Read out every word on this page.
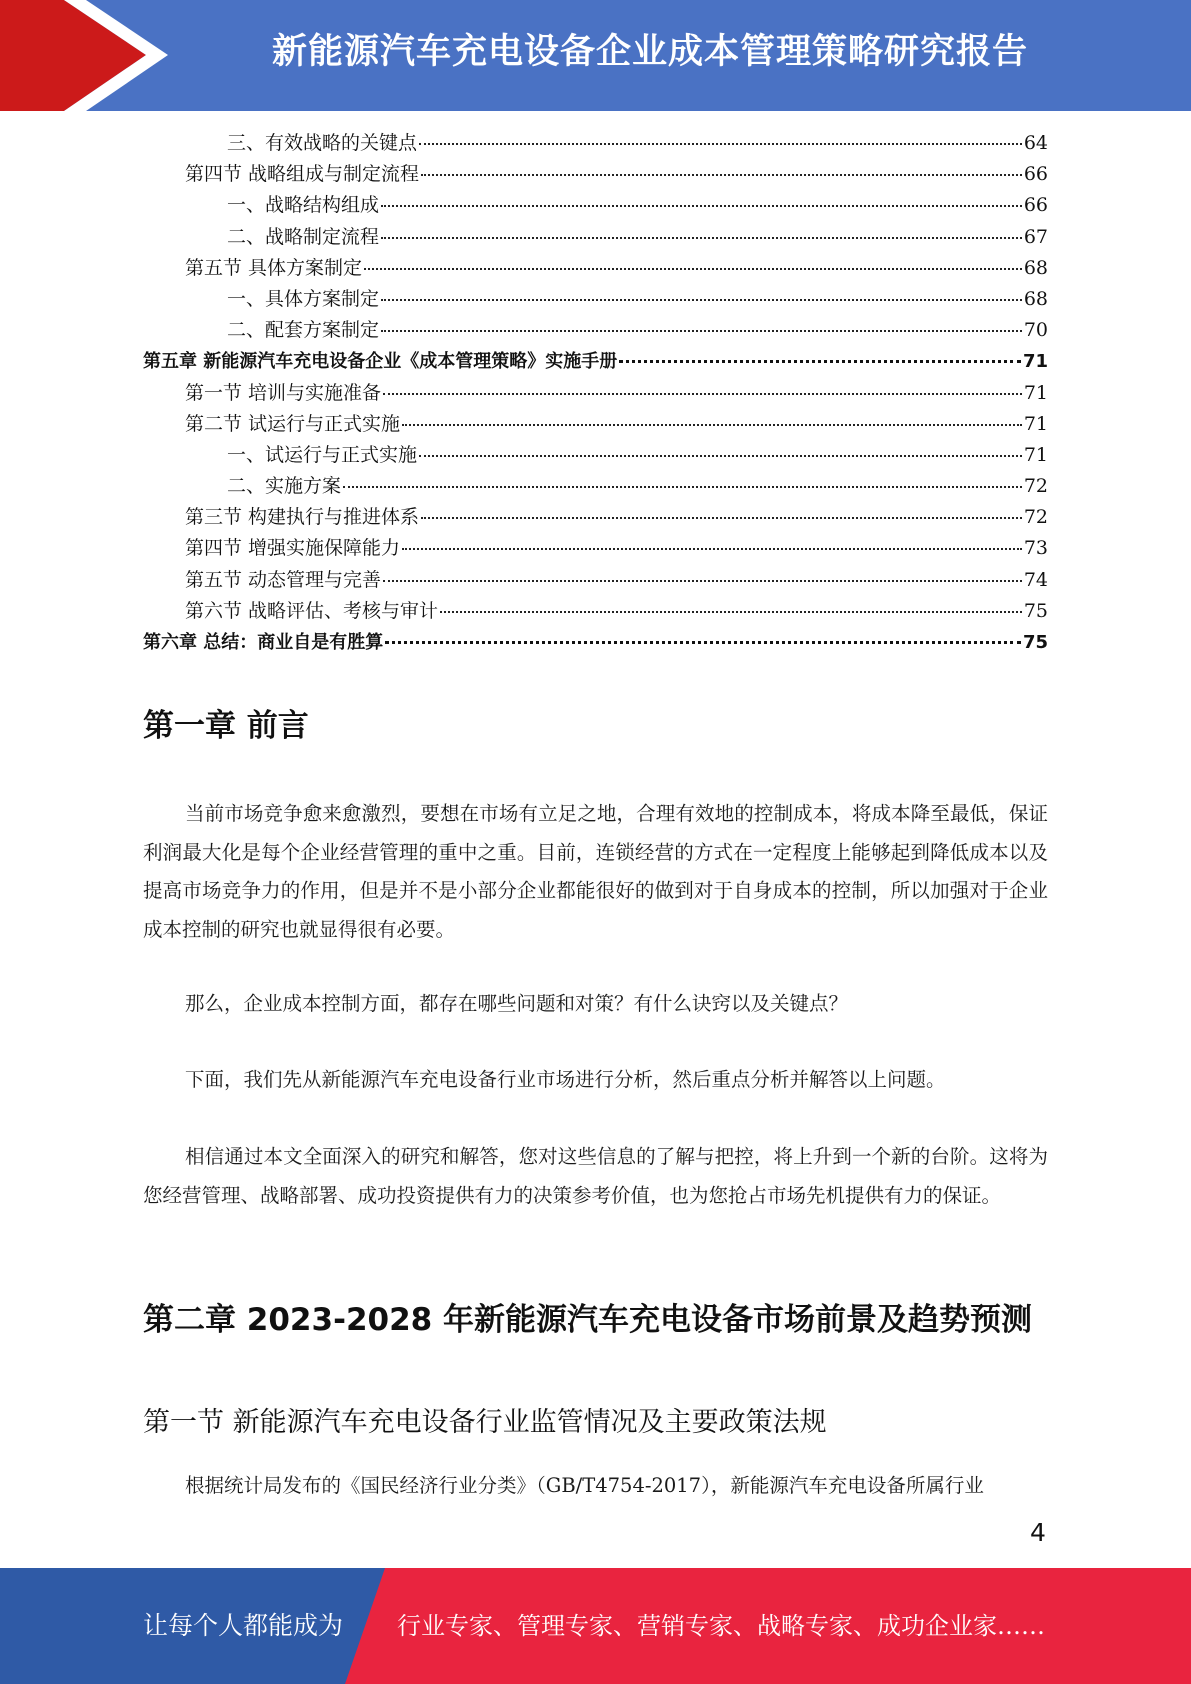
新能源汽车充电设备企业成本管理策略研究报告
三、有效战略的关键点	64
第四节 战略组成与制定流程	66
一、战略结构组成	66
二、战略制定流程	67
第五节 具体方案制定	68
一、具体方案制定	68
二、配套方案制定	70
第五章 新能源汽车充电设备企业《成本管理策略》实施手册	71
第一节 培训与实施准备	71
第二节 试运行与正式实施	71
一、试运行与正式实施	71
二、实施方案	72
第三节 构建执行与推进体系	72
第四节 增强实施保障能力	73
第五节 动态管理与完善	74
第六节 战略评估、考核与审计	75
第六章 总结：商业自是有胜算	75
第一章 前言
当前市场竞争愈来愈激烈，要想在市场有立足之地，合理有效地的控制成本，将成本降至最低，保证利润最大化是每个企业经营管理的重中之重。目前，连锁经营的方式在一定程度上能够起到降低成本以及提高市场竞争力的作用，但是并不是小部分企业都能很好的做到对于自身成本的控制，所以加强对于企业成本控制的研究也就显得很有必要。
那么，企业成本控制方面，都存在哪些问题和对策？有什么诀窍以及关键点？
下面，我们先从新能源汽车充电设备行业市场进行分析，然后重点分析并解答以上问题。
相信通过本文全面深入的研究和解答，您对这些信息的了解与把控，将上升到一个新的台阶。这将为您经营管理、战略部署、成功投资提供有力的决策参考价值，也为您抢占市场先机提供有力的保证。
第二章 2023-2028 年新能源汽车充电设备市场前景及趋势预测
第一节 新能源汽车充电设备行业监管情况及主要政策法规
根据统计局发布的《国民经济行业分类》（GB/T4754-2017），新能源汽车充电设备所属行业
4
让每个人都能成为 行业专家、管理专家、营销专家、战略专家、成功企业家……
